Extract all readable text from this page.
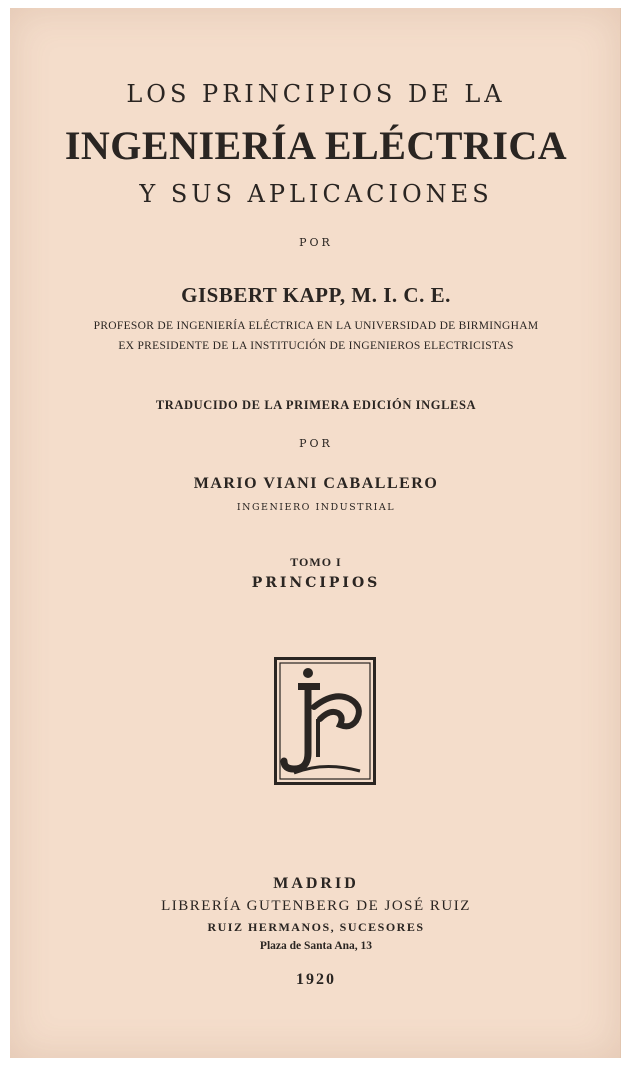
LOS PRINCIPIOS DE LA
INGENIERÍA ELÉCTRICA
Y SUS APLICACIONES
POR
GISBERT KAPP, M. I. C. E.
PROFESOR DE INGENIERÍA ELÉCTRICA EN LA UNIVERSIDAD DE BIRMINGHAM
EX PRESIDENTE DE LA INSTITUCIÓN DE INGENIEROS ELECTRICISTAS
TRADUCIDO DE LA PRIMERA EDICIÓN INGLESA
POR
MARIO VIANI CABALLERO
INGENIERO INDUSTRIAL
TOMO I
PRINCIPIOS
MADRID
LIBRERÍA GUTENBERG DE JOSÉ RUIZ
RUIZ HERMANOS, SUCESORES
Plaza de Santa Ana, 13
1920
